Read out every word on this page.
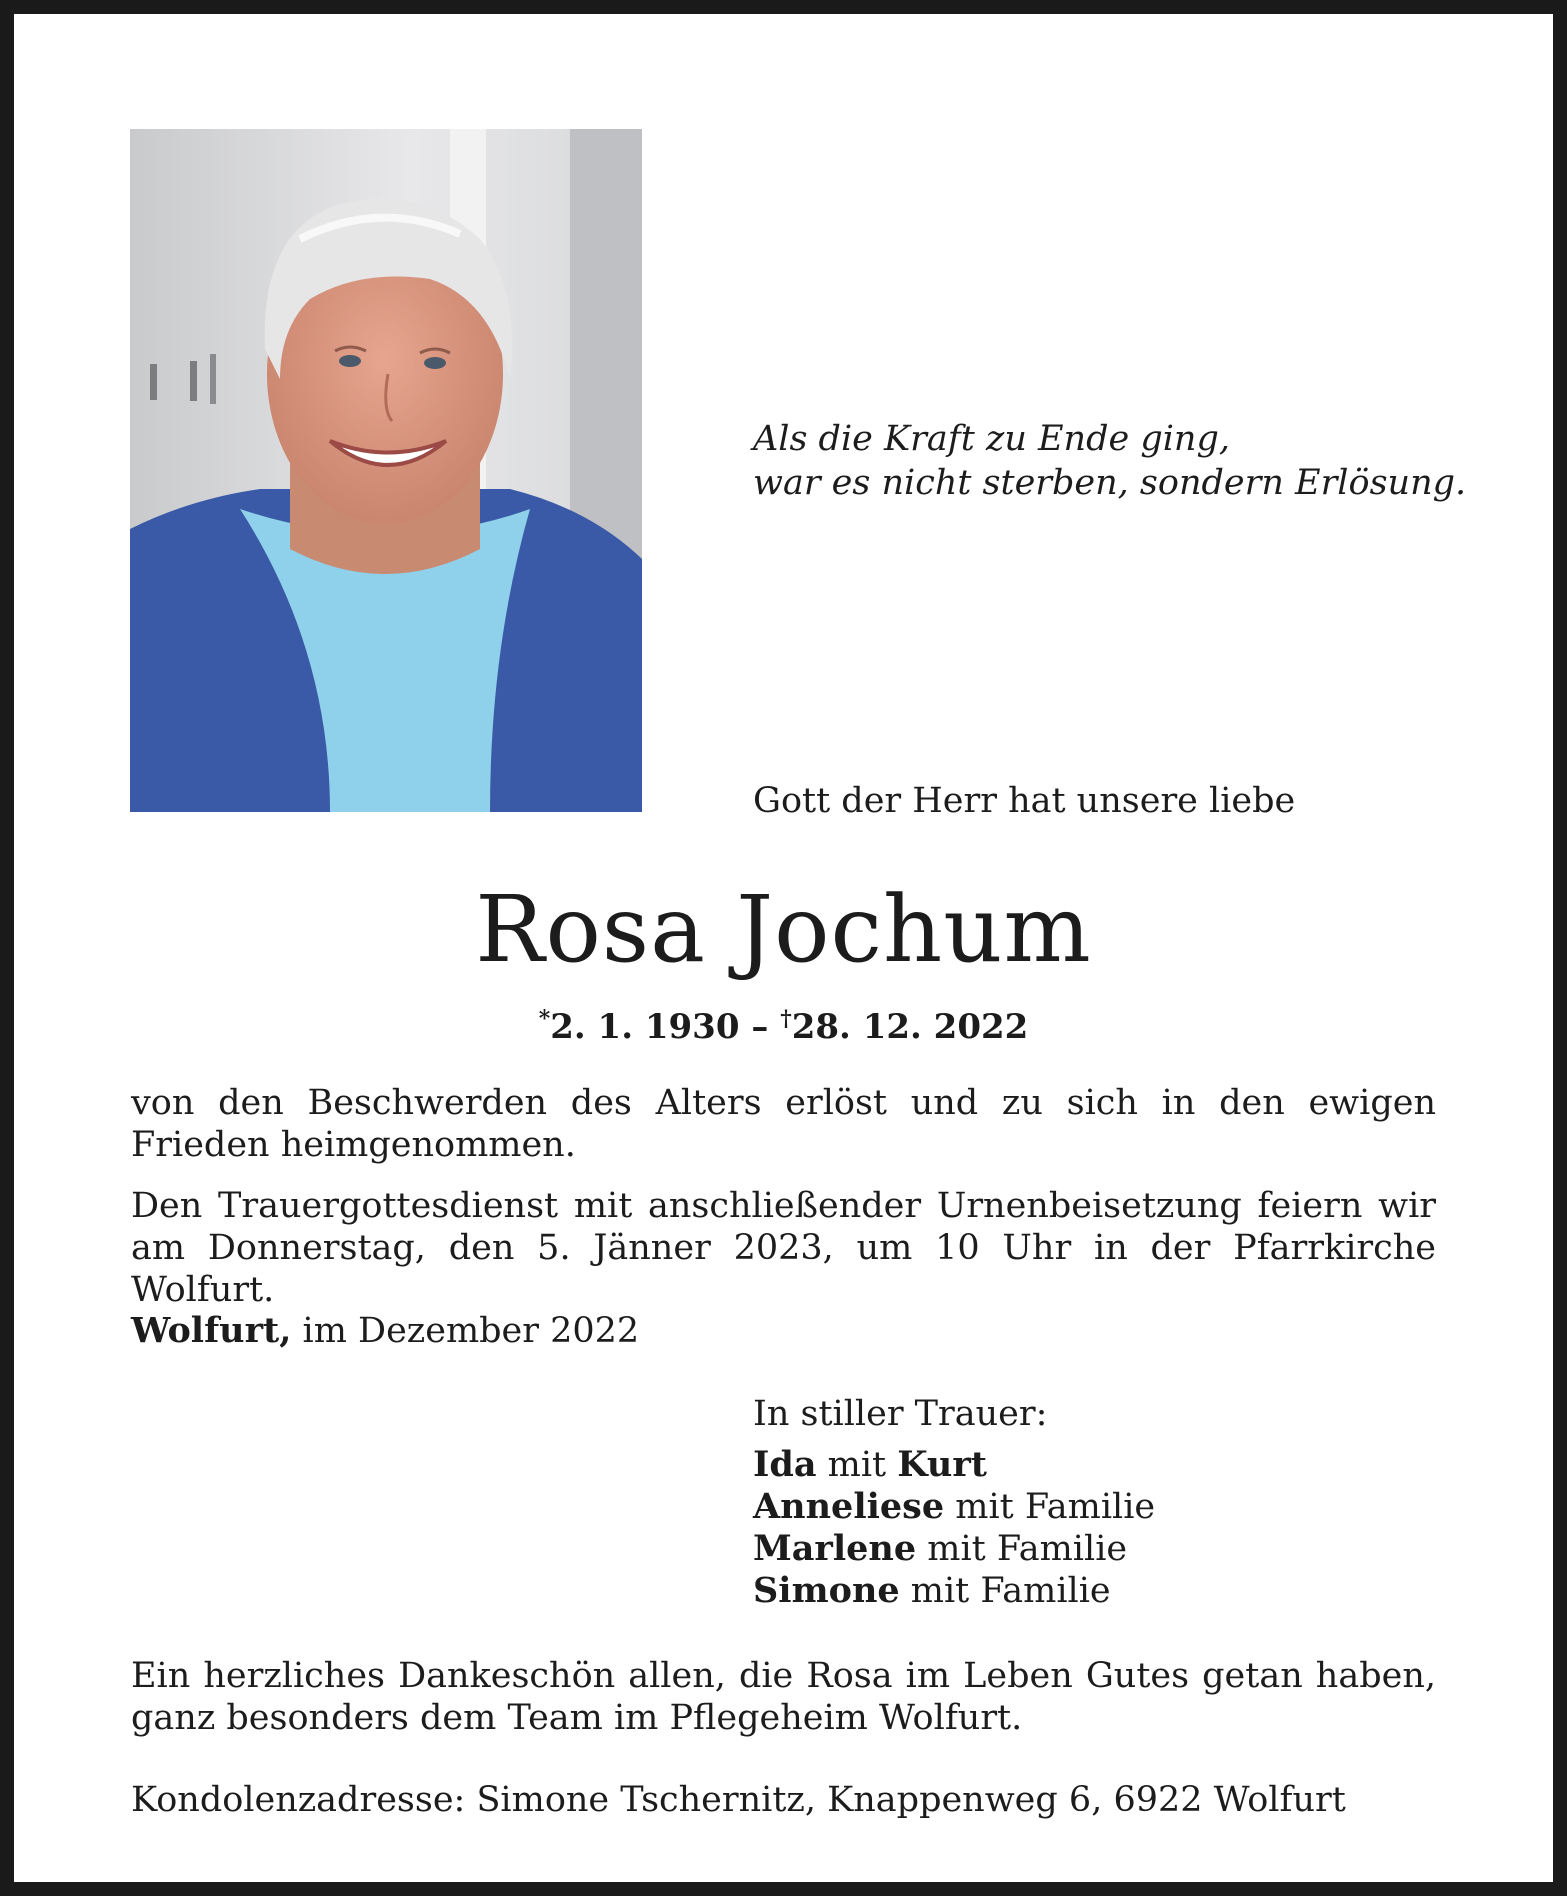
Als die Kraft zu Ende ging,
war es nicht sterben, sondern Erlösung.
Gott der Herr hat unsere liebe
Rosa Jochum
*2. 1. 1930 – †28. 12. 2022
von den Beschwerden des Alters erlöst und zu sich in den ewigen Frieden heimgenommen.
Den Trauergottesdienst mit anschließender Urnenbeisetzung feiern wir am Donnerstag, den 5. Jänner 2023, um 10 Uhr in der Pfarrkirche Wolfurt.
Wolfurt, im Dezember 2022
In stiller Trauer:
Ida mit Kurt
Anneliese mit Familie
Marlene mit Familie
Simone mit Familie
Ein herzliches Dankeschön allen, die Rosa im Leben Gutes getan haben, ganz besonders dem Team im Pflegeheim Wolfurt.
Kondolenzadresse: Simone Tschernitz, Knappenweg 6, 6922 Wolfurt
